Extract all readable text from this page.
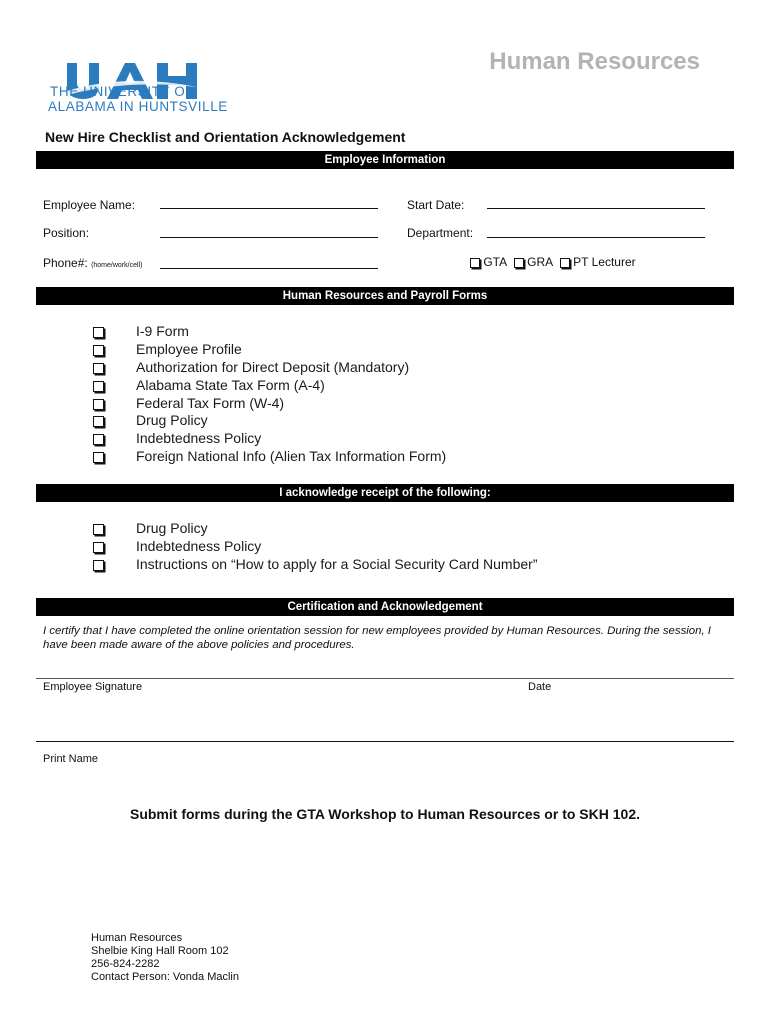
THE UNIVERSITY OF
ALABAMA IN HUNTSVILLE
Human Resources
New Hire Checklist and Orientation Acknowledgement
Employee Information
Employee Name:	Start Date:
Position:	Department:
Phone#: (home/work/cell)	GTA GRA PT Lecturer
Human Resources and Payroll Forms
I-9 Form
Employee Profile
Authorization for Direct Deposit (Mandatory)
Alabama State Tax Form (A-4)
Federal Tax Form (W-4)
Drug Policy
Indebtedness Policy
Foreign National Info (Alien Tax Information Form)
I acknowledge receipt of the following:
Drug Policy
Indebtedness Policy
Instructions on “How to apply for a Social Security Card Number”
Certification and Acknowledgement
I certify that I have completed the online orientation session for new employees provided by Human Resources. During the session, I have been made aware of the above policies and procedures.
Employee Signature	Date
Print Name
Submit forms during the GTA Workshop to Human Resources or to SKH 102.
Human Resources
Shelbie King Hall Room 102
256-824-2282
Contact Person: Vonda Maclin
